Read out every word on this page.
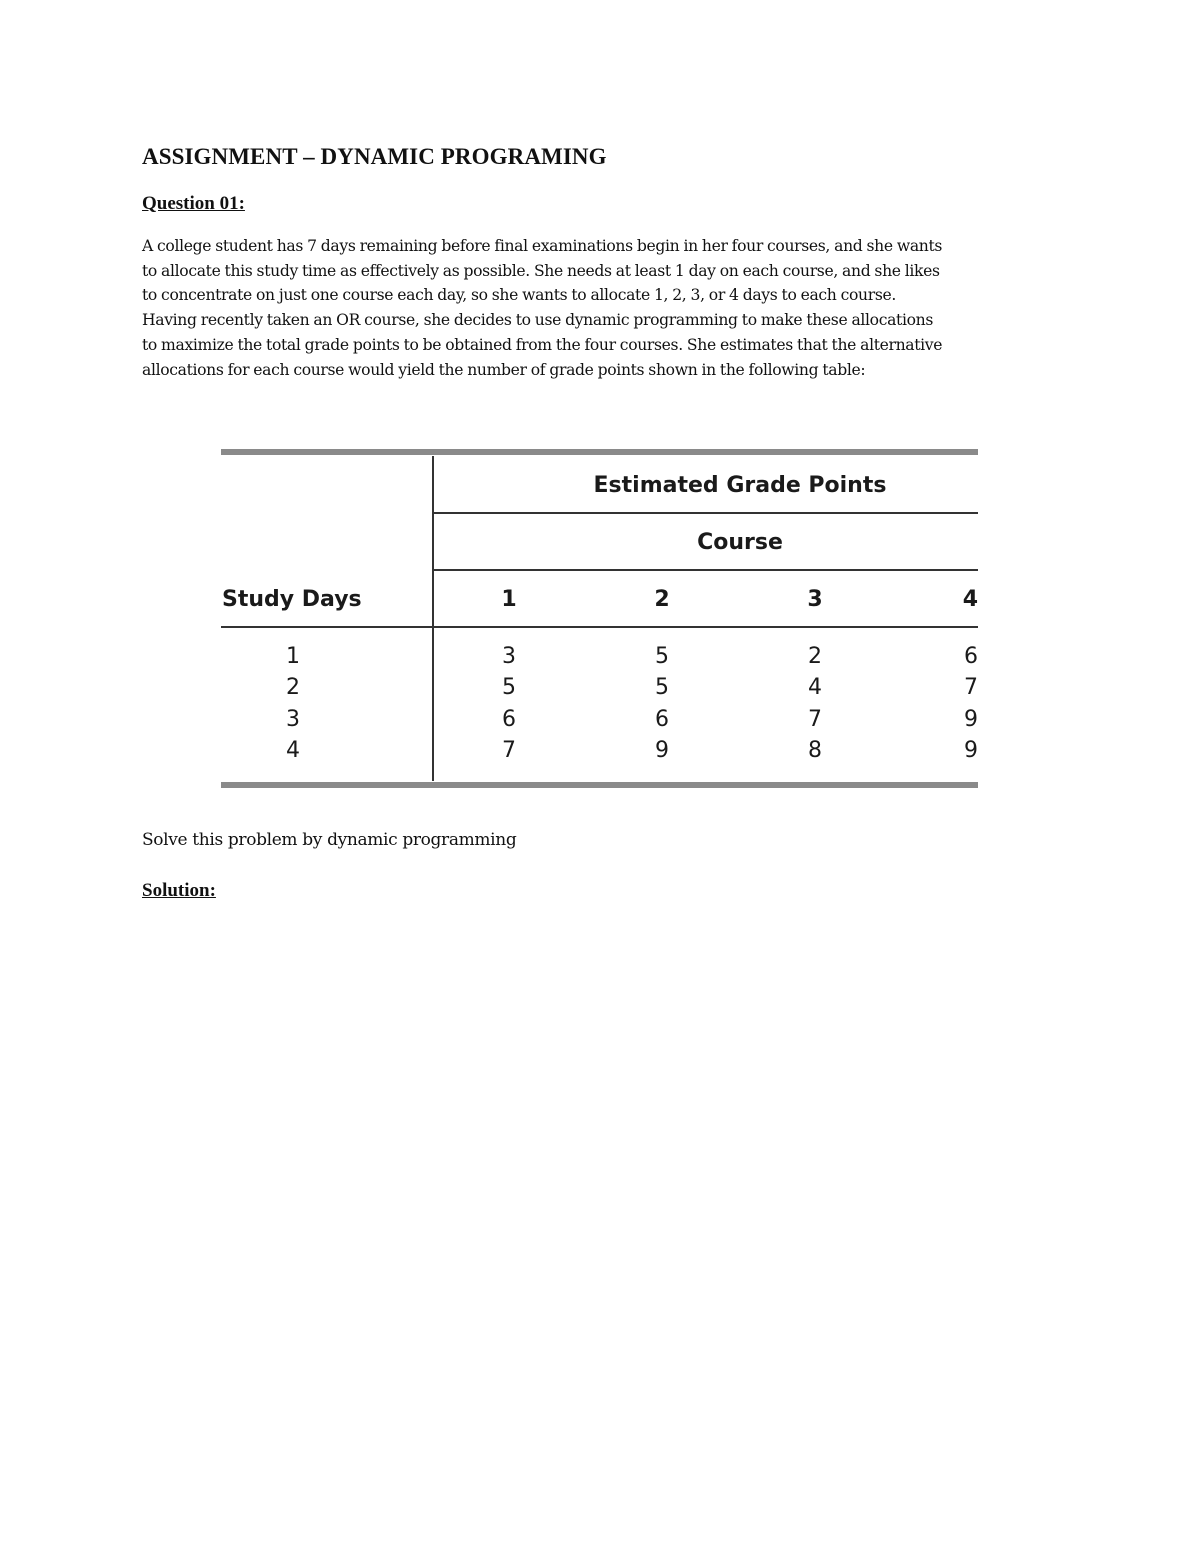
ASSIGNMENT – DYNAMIC PROGRAMING
Question 01:
A college student has 7 days remaining before final examinations begin in her four courses, and she wants
to allocate this study time as effectively as possible. She needs at least 1 day on each course, and she likes
to concentrate on just one course each day, so she wants to allocate 1, 2, 3, or 4 days to each course.
Having recently taken an OR course, she decides to use dynamic programming to make these allocations
to maximize the total grade points to be obtained from the four courses. She estimates that the alternative
allocations for each course would yield the number of grade points shown in the following table:
Estimated Grade Points
Course
Study Days	1	2	3	4
1	3	5	2	6
2	5	5	4	7
3	6	6	7	9
4	7	9	8	9
Solve this problem by dynamic programming
Solution:
